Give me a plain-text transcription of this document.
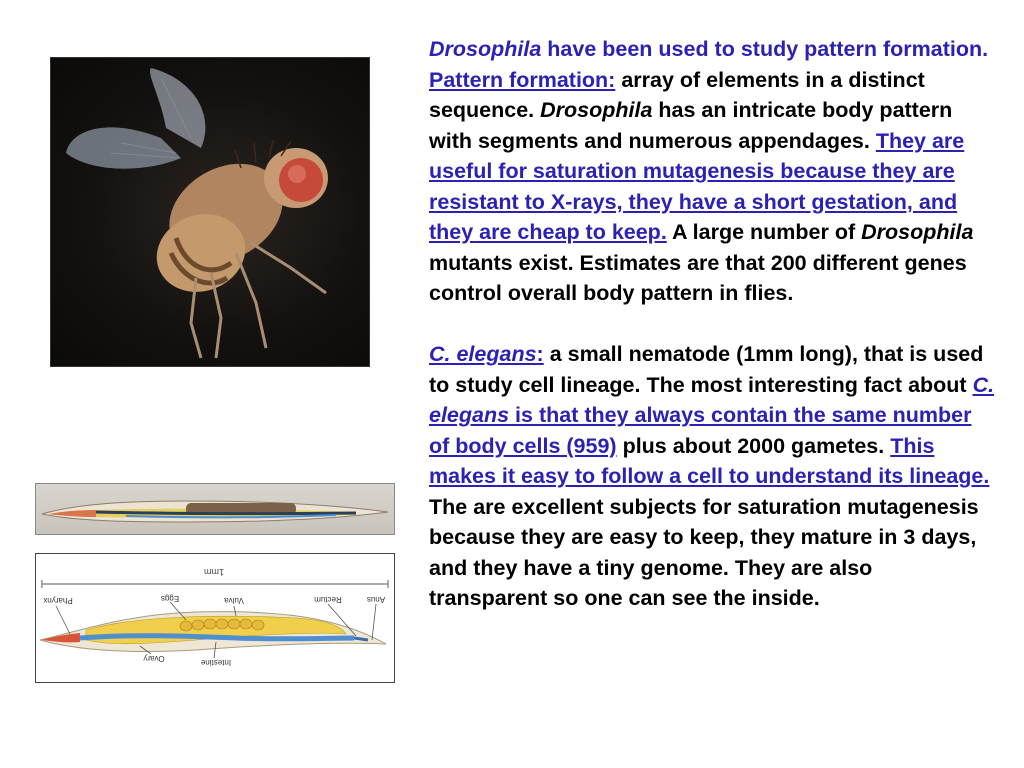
1mm
Pharynx	Eggs	Vulva	Rectum	Anus
Ovary	Intestine

Drosophila have been used to study pattern formation. Pattern formation: array of elements in a distinct sequence. Drosophila has an intricate body pattern with segments and numerous appendages. They are useful for saturation mutagenesis because they are resistant to X-rays, they have a short gestation, and they are cheap to keep. A large number of Drosophila mutants exist. Estimates are that 200 different genes control overall body pattern in flies.

C. elegans: a small nematode (1mm long), that is used to study cell lineage. The most interesting fact about C. elegans is that they always contain the same number of body cells (959) plus about 2000 gametes. This makes it easy to follow a cell to understand its lineage. The are excellent subjects for saturation mutagenesis because they are easy to keep, they mature in 3 days, and they have a tiny genome. They are also transparent so one can see the inside.
